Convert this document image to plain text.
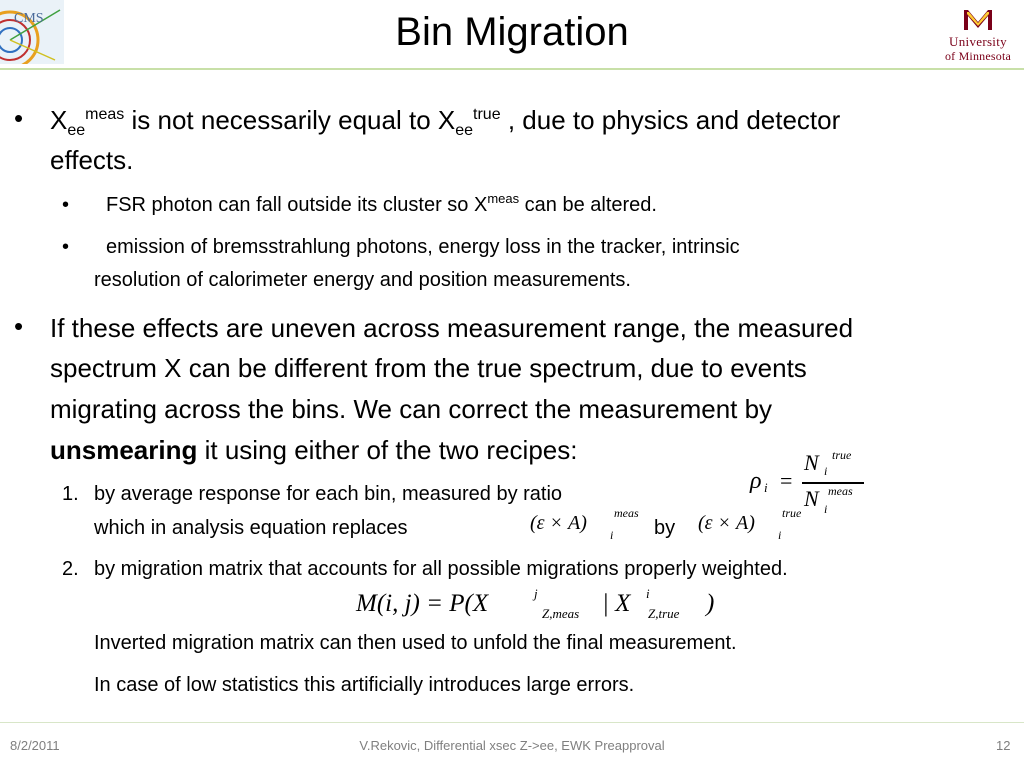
CMS	Bin Migration	University
of Minnesota
• $X_{ee}^{meas}$ is not necessarily equal to $X_{ee}^{true}$ , due to physics and detector
effects.
• FSR photon can fall outside its cluster so $X^{meas}$ can be altered.
• emission of bremsstrahlung photons, energy loss in the tracker, intrinsic
resolution of calorimeter energy and position measurements.
• If these effects are uneven across measurement range, the measured
spectrum X can be different from the true spectrum, due to events
migrating across the bins. We can correct the measurement by
unsmearing it using either of the two recipes:
ρ i =
N true
i
N meas
i
1. by average response for each bin, measured by ratio
which in analysis equation replaces	(ε × A) meas
i by (ε × A) true
i
2. by migration matrix that accounts for all possible migrations properly weighted.
M(i, j) = P(X	j
Z,meas | X i
Z,true )
Inverted migration matrix can then used to unfold the final measurement.
In case of low statistics this artificially introduces large errors.
8/2/2011	V.Rekovic, Differential xsec Z->ee, EWK Preapproval	12
